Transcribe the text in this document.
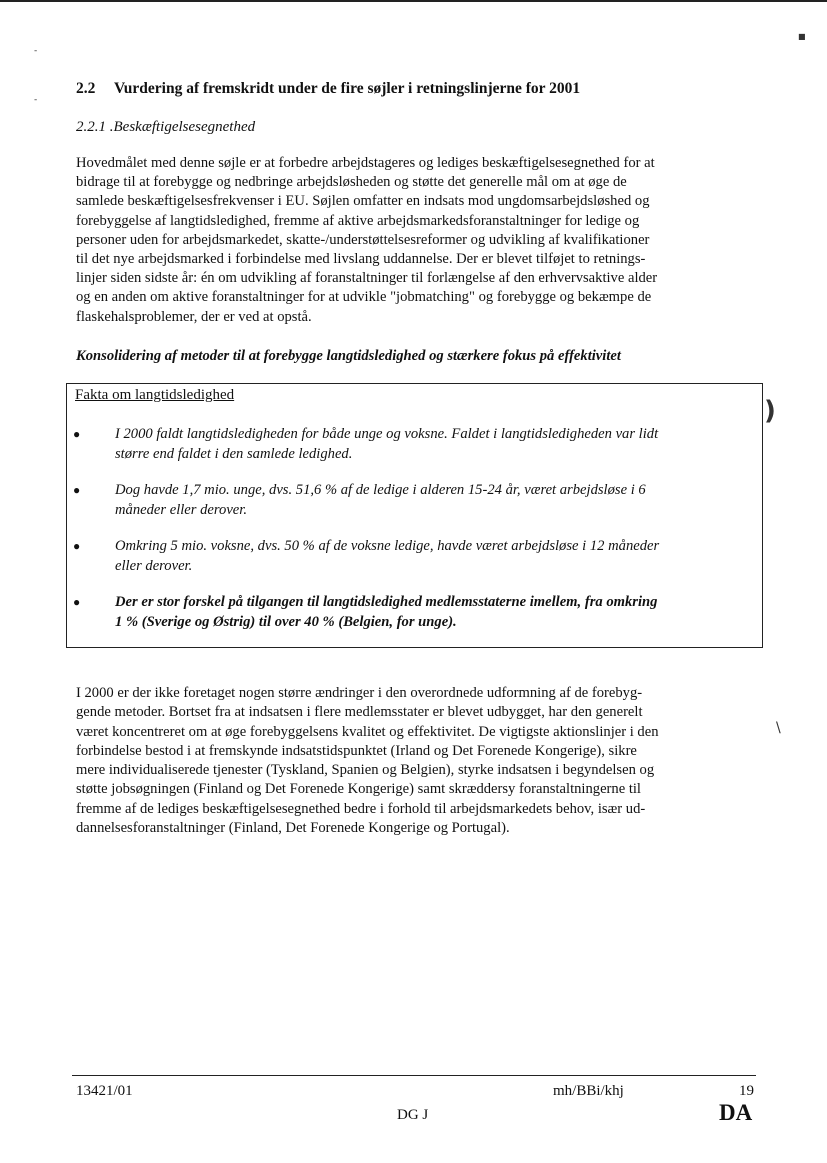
■
-
-
)
\
2.2 Vurdering af fremskridt under de fire søjler i retningslinjerne for 2001
2.2.1 .Beskæftigelsesegnethed
Hovedmålet med denne søjle er at forbedre arbejdstageres og lediges beskæftigelsesegnethed for at
bidrage til at forebygge og nedbringe arbejdsløsheden og støtte det generelle mål om at øge de
samlede beskæftigelsesfrekvenser i EU. Søjlen omfatter en indsats mod ungdomsarbejdsløshed og
forebyggelse af langtidsledighed, fremme af aktive arbejdsmarkedsforanstaltninger for ledige og
personer uden for arbejdsmarkedet, skatte-/understøttelsesreformer og udvikling af kvalifikationer
til det nye arbejdsmarked i forbindelse med livslang uddannelse. Der er blevet tilføjet to retnings-
linjer siden sidste år: én om udvikling af foranstaltninger til forlængelse af den erhvervsaktive alder
og en anden om aktive foranstaltninger for at udvikle "jobmatching" og forebygge og bekæmpe de
flaskehalsproblemer, der er ved at opstå.
Konsolidering af metoder til at forebygge langtidsledighed og stærkere fokus på effektivitet
Fakta om langtidsledighed
● I 2000 faldt langtidsledigheden for både unge og voksne. Faldet i langtidsledigheden var lidt
større end faldet i den samlede ledighed.
● Dog havde 1,7 mio. unge, dvs. 51,6 % af de ledige i alderen 15-24 år, været arbejdsløse i 6
måneder eller derover.
● Omkring 5 mio. voksne, dvs. 50 % af de voksne ledige, havde været arbejdsløse i 12 måneder
eller derover.
● Der er stor forskel på tilgangen til langtidsledighed medlemsstaterne imellem, fra omkring
1 % (Sverige og Østrig) til over 40 % (Belgien, for unge).
I 2000 er der ikke foretaget nogen større ændringer i den overordnede udformning af de forebyg-
gende metoder. Bortset fra at indsatsen i flere medlemsstater er blevet udbygget, har den generelt
været koncentreret om at øge forebyggelsens kvalitet og effektivitet. De vigtigste aktionslinjer i den
forbindelse bestod i at fremskynde indsatstidspunktet (Irland og Det Forenede Kongerige), sikre
mere individualiserede tjenester (Tyskland, Spanien og Belgien), styrke indsatsen i begyndelsen og
støtte jobsøgningen (Finland og Det Forenede Kongerige) samt skræddersy foranstaltningerne til
fremme af de lediges beskæftigelsesegnethed bedre i forhold til arbejdsmarkedets behov, især ud-
dannelsesforanstaltninger (Finland, Det Forenede Kongerige og Portugal).
13421/01	mh/BBi/khj	19
DG J	DA
